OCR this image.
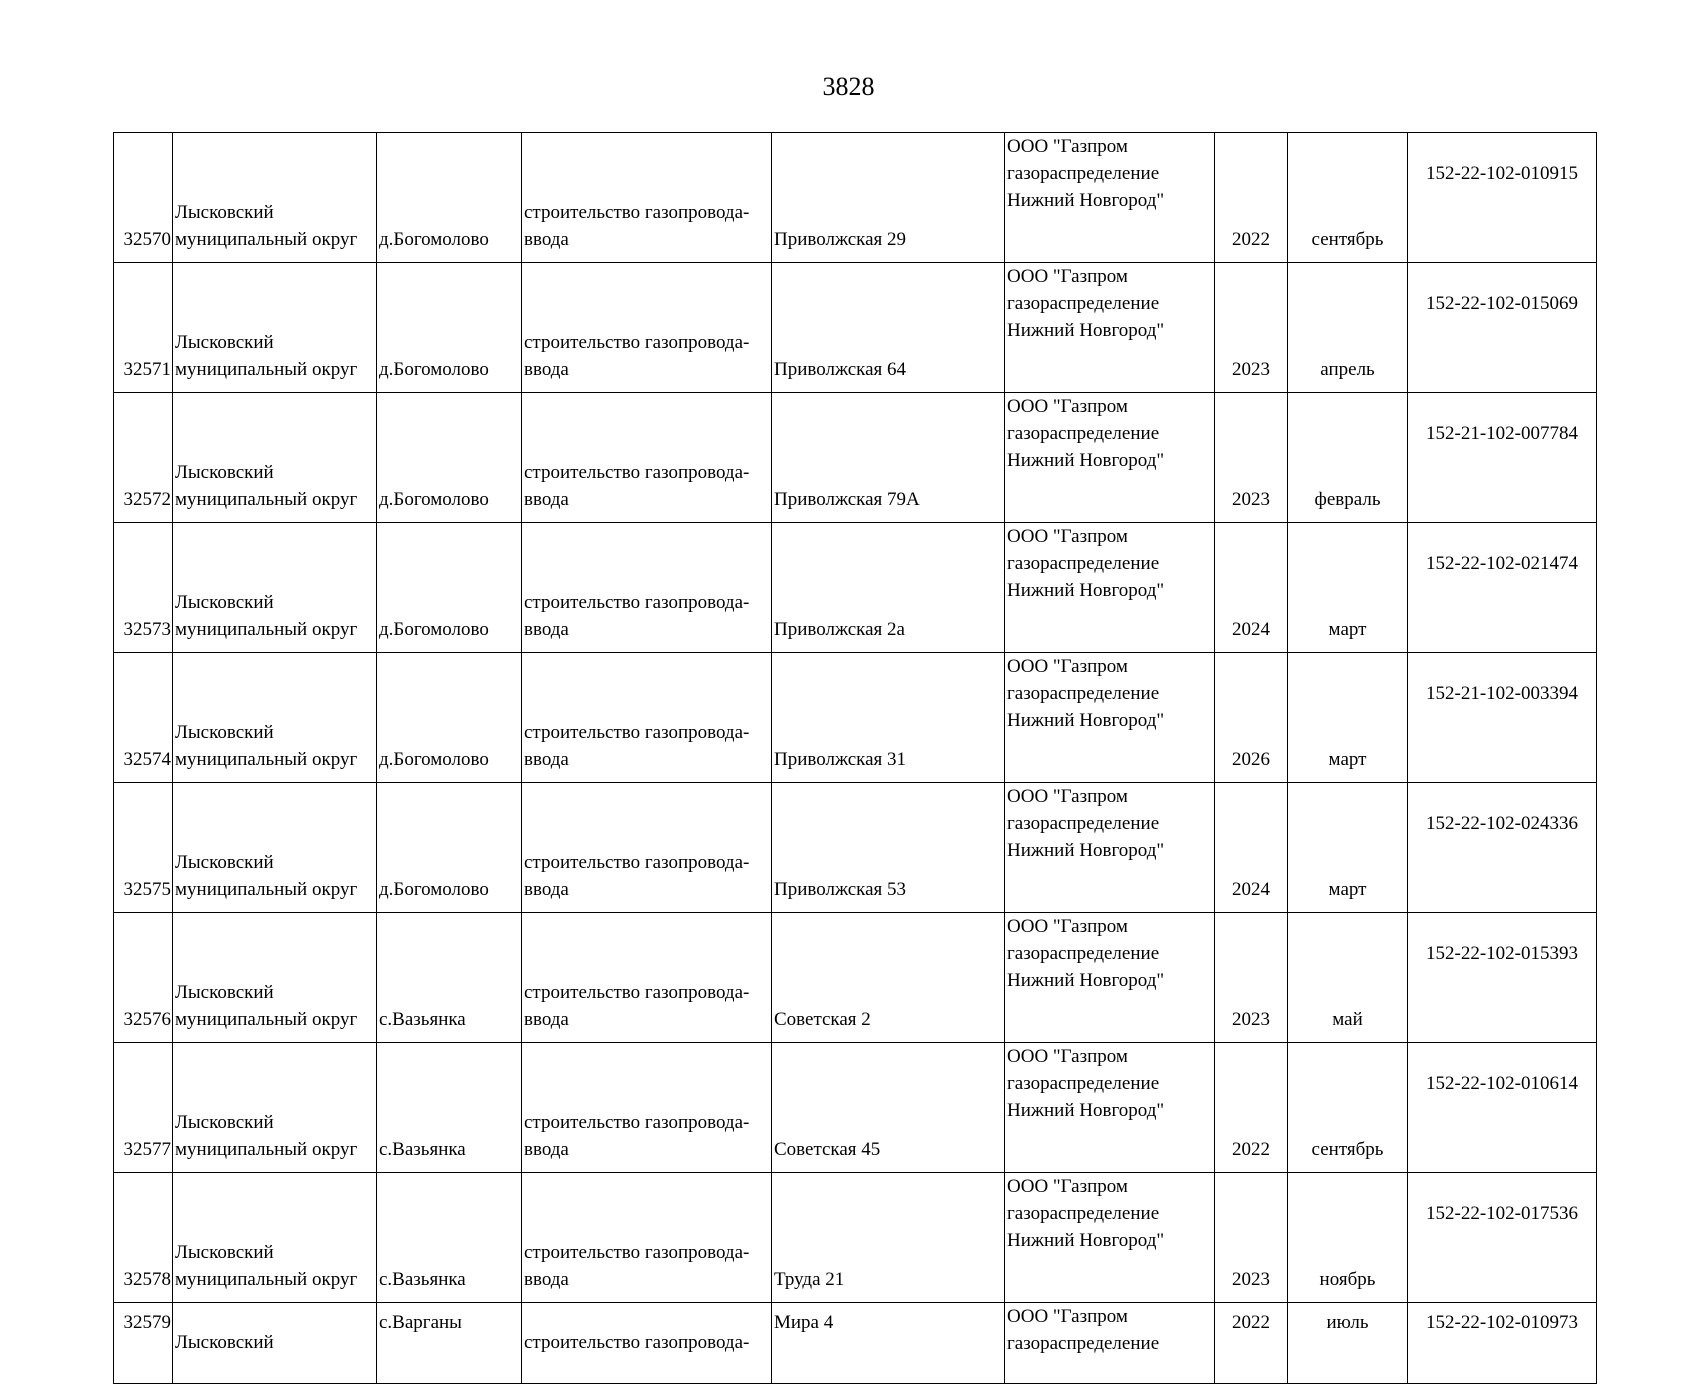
3828
32570	Лысковский муниципальный округ	д.Богомолово	строительство газопровода-ввода	Приволжская 29	ООО "Газпром
газораспределение
Нижний Новгород"	2022	сентябрь	152-22-102-010915
32571	Лысковский муниципальный округ	д.Богомолово	строительство газопровода-ввода	Приволжская 64	ООО "Газпром
газораспределение
Нижний Новгород"	2023	апрель	152-22-102-015069
32572	Лысковский муниципальный округ	д.Богомолово	строительство газопровода-ввода	Приволжская 79А	ООО "Газпром
газораспределение
Нижний Новгород"	2023	февраль	152-21-102-007784
32573	Лысковский муниципальный округ	д.Богомолово	строительство газопровода-ввода	Приволжская 2а	ООО "Газпром
газораспределение
Нижний Новгород"	2024	март	152-22-102-021474
32574	Лысковский муниципальный округ	д.Богомолово	строительство газопровода-ввода	Приволжская 31	ООО "Газпром
газораспределение
Нижний Новгород"	2026	март	152-21-102-003394
32575	Лысковский муниципальный округ	д.Богомолово	строительство газопровода-ввода	Приволжская 53	ООО "Газпром
газораспределение
Нижний Новгород"	2024	март	152-22-102-024336
32576	Лысковский муниципальный округ	с.Вазьянка	строительство газопровода-ввода	Советская 2	ООО "Газпром
газораспределение
Нижний Новгород"	2023	май	152-22-102-015393
32577	Лысковский муниципальный округ	с.Вазьянка	строительство газопровода-ввода	Советская 45	ООО "Газпром
газораспределение
Нижний Новгород"	2022	сентябрь	152-22-102-010614
32578	Лысковский муниципальный округ	с.Вазьянка	строительство газопровода-ввода	Труда 21	ООО "Газпром
газораспределение
Нижний Новгород"	2023	ноябрь	152-22-102-017536
32579	Лысковский	с.Варганы	строительство газопровода-	Мира 4	ООО "Газпром
газораспределение	2022	июль	152-22-102-010973
